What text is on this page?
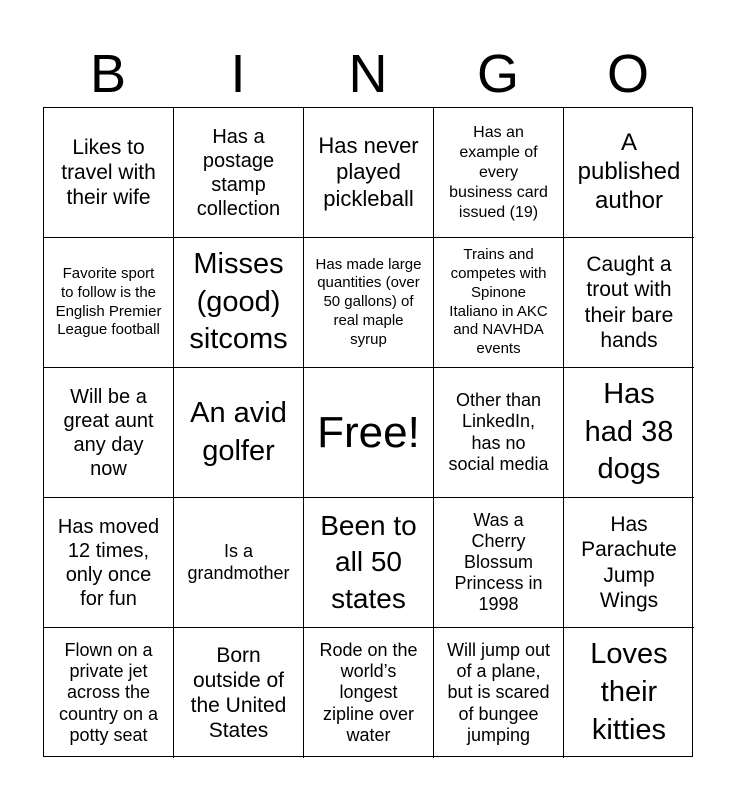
B	I	N	G	O
Likes to
travel with
their wife
Has a
postage
stamp
collection
Has never
played
pickleball
Has an
example of
every
business card
issued (19)
A
published
author
Favorite sport
to follow is the
English Premier
League football
Misses
(good)
sitcoms
Has made large
quantities (over
50 gallons) of
real maple
syrup
Trains and
competes with
Spinone
Italiano in AKC
and NAVHDA
events
Caught a
trout with
their bare
hands
Will be a
great aunt
any day
now
An avid
golfer Free!
Other than
LinkedIn,
has no
social media
Has
had 38
dogs
Has moved
12 times,
only once
for fun
Is a
grandmother
Been to
all 50
states
Was a
Cherry
Blossum
Princess in
1998
Has
Parachute
Jump
Wings
Flown on a
private jet
across the
country on a
potty seat
Born
outside of
the United
States
Rode on the
world’s
longest
zipline over
water
Will jump out
of a plane,
but is scared
of bungee
jumping
Loves
their
kitties
